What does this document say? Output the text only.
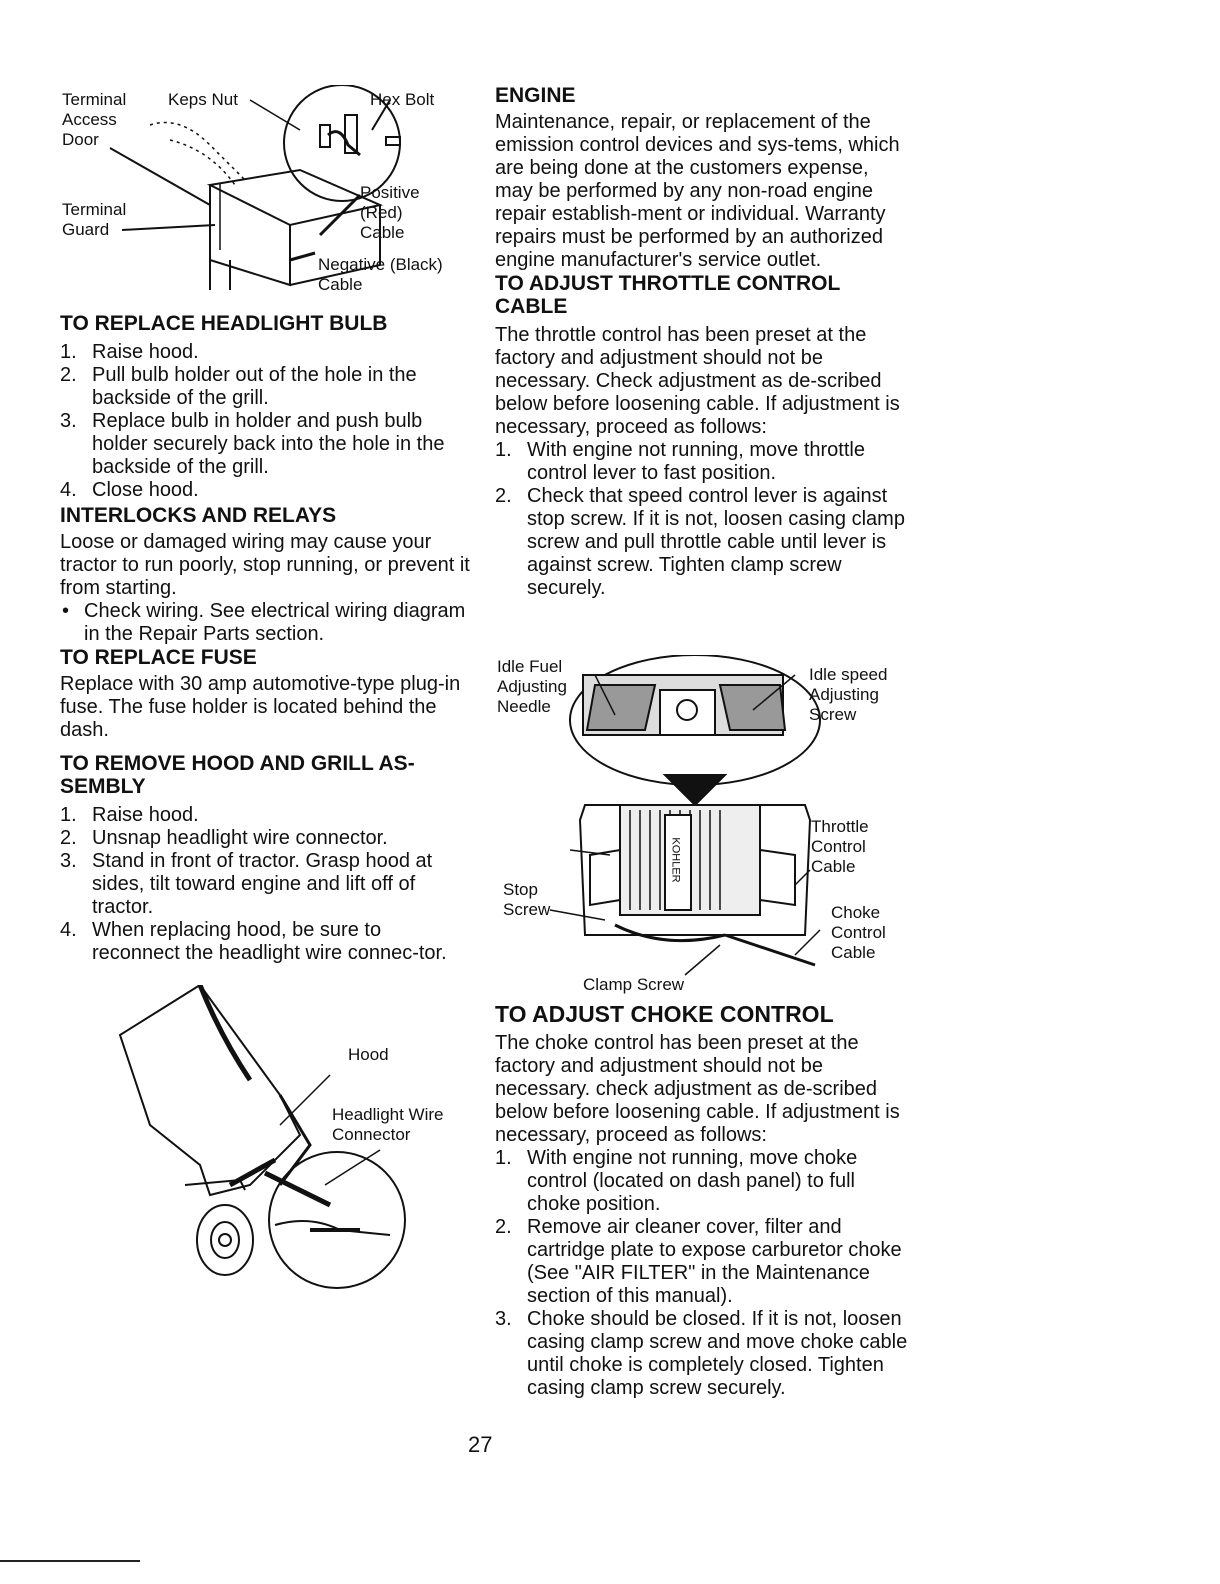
Terminal
Access
Door
Keps Nut	Hex Bolt
Terminal
Guard
Positive
(Red)
Cable
Negative (Black)
Cable
TO REPLACE HEADLIGHT BULB
1. Raise hood.
2. Pull bulb holder out of the hole in the backside of the grill.
3. Replace bulb in holder and push bulb holder securely back into the hole in the backside of the grill.
4. Close hood.
INTERLOCKS AND RELAYS

Loose or damaged wiring may cause your tractor to run poorly, stop running, or prevent it from starting.

• Check wiring. See electrical wiring diagram in the Repair Parts section.
TO REPLACE FUSE

Replace with 30 amp automotive-type plug-in fuse. The fuse holder is located behind the dash.

TO REMOVE HOOD AND GRILL AS-SEMBLY
1. Raise hood.
2. Unsnap headlight wire connector.
3. Stand in front of tractor. Grasp hood at sides, tilt toward engine and lift off of tractor.
4. When replacing hood, be sure to reconnect the headlight wire connec-tor.
Hood
Headlight Wire
Connector
ENGINE

Maintenance, repair, or replacement of the emission control devices and sys-tems, which are being done at the customers expense, may be performed by any non-road engine repair establish-ment or individual. Warranty repairs must be performed by an authorized engine manufacturer's service outlet.

TO ADJUST THROTTLE CONTROL CABLE

The throttle control has been preset at the factory and adjustment should not be necessary. Check adjustment as de-scribed below before loosening cable. If adjustment is necessary, proceed as follows:

1. With engine not running, move throttle control lever to fast position.
2. Check that speed control lever is against stop screw. If it is not, loosen casing clamp screw and pull throttle cable until lever is against screw. Tighten clamp screw securely.
Idle Fuel
Adjusting
Needle
Idle speed
Adjusting
Screw
Throttle
Control
Cable
Stop
Screw	Choke
Control
Cable
Clamp Screw
KOHLER
TO ADJUST CHOKE CONTROL

The choke control has been preset at the factory and adjustment should not be necessary. check adjustment as de-scribed below before loosening cable. If adjustment is necessary, proceed as follows:

1. With engine not running, move choke control (located on dash panel) to full choke position.
2. Remove air cleaner cover, filter and cartridge plate to expose carburetor choke (See "AIR FILTER" in the Maintenance section of this manual).
3. Choke should be closed. If it is not, loosen casing clamp screw and move choke cable until choke is completely closed. Tighten casing clamp screw securely.
27
